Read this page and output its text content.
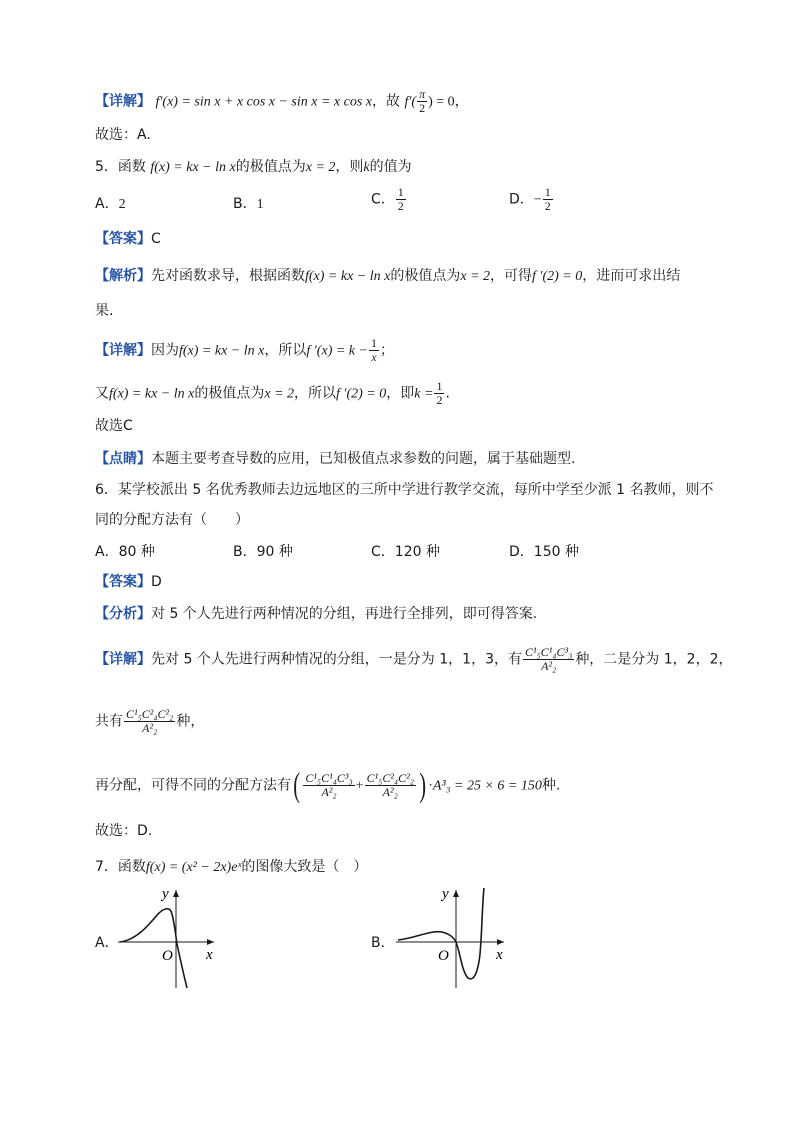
【详解】 f′(x) = sin x + x cos x − sin x = x cos x，故 $f'( \frac{\pi}{2}$ ) = 0，
故选：A.
5．函数 f(x) = kx − ln x的极值点为x = 2，则k的值为
A．2	B．1	C． $\frac{1}{2}$	D．− $\frac{1}{2}$
【答案】C
【解析】先对函数求导，根据函数f(x) = kx − ln x的极值点为x = 2，可得f ′(2) = 0，进而可求出结
果.
【详解】因为f(x) = kx − ln x，所以f $'(x) = k - \frac{1}{x}$ ；
又f(x) = kx − ln x的极值点为x = 2，所以f ′(2) = 0，即$k = \frac{1}{2}$ .
故选C
【点睛】本题主要考查导数的应用，已知极值点求参数的问题，属于基础题型.
6．某学校派出 5 名优秀教师去边远地区的三所中学进行教学交流，每所中学至少派 1 名教师，则不
同的分配方法有（　　）
A．80 种	B．90 种	C．120 种	D．150 种
【答案】D
【分析】对 5 个人先进行两种情况的分组，再进行全排列，即可得答案.
【详解】先对 5 个人先进行两种情况的分组，一是分为 1，1，3，有 $\frac{\text{C¹₅C¹₄C³₃}}{\text{A²₂}}$ 种，二是分为 1，2，2，
共有 $\frac{\text{C¹₅C²₄C²₂}}{\text{A²₂}}$ 种，
再分配，可得不同的分配方法有( $\frac{\text{C¹₅C¹₄C³₃}}{\text{A²₂}} + \frac{\text{C¹₅C²₄C²₂}}{\text{A²₂}}$ ) ·A³₃ = 25 × 6 = 150种.
故选：D.
7．函数f(x) = (x² − 2x)eˣ的图像大致是（　）
A．
y
x
O
B．
y
x
O
